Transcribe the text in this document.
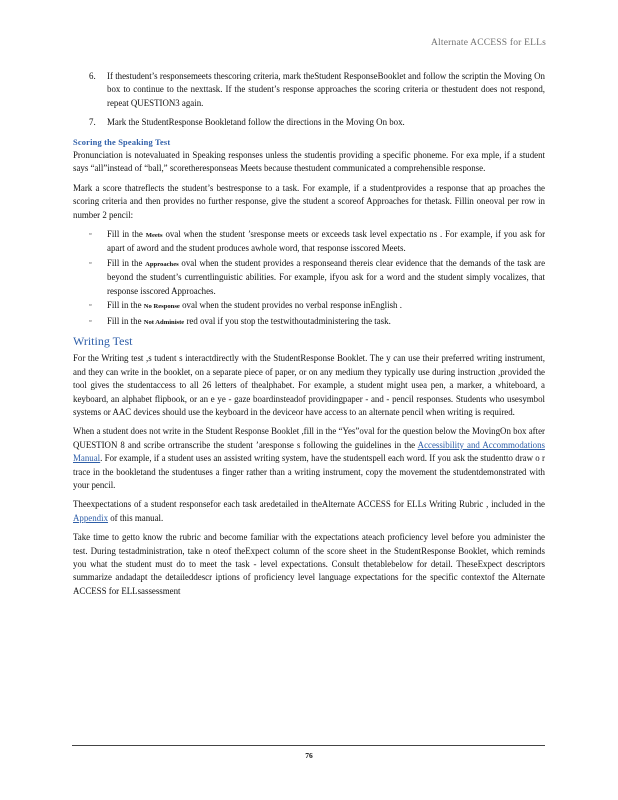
Alternate ACCESS for ELLs
6.	If thestudent’s responsemeets thescoring criteria, mark theStudent ResponseBooklet and follow the scriptin the Moving On box to continue to the nexttask. If the student’s response approaches the scoring criteria or thestudent does not respond, repeat QUESTION3 again.
7.	Mark the StudentResponse Bookletand follow the directions in the Moving On box.
Scoring the Speaking Test

Pronunciation is notevaluated in Speaking responses unless the studentis providing a specific phoneme. For exa mple, if a student says “all”instead of “ball,” scoretheresponseas Meets because thestudent communicated a comprehensible response.

Mark a score thatreflects the student’s bestresponse to a task. For example, if a studentprovides a response that ap proaches the scoring criteria and then provides no further response, give the student a scoreof Approaches for thetask. Fillin oneoval per row in number 2 pencil:

▫	Fill in the Meets oval when the student ’sresponse meets or exceeds task level expectatio ns . For example, if you ask for apart of aword and the student produces awhole word, that response isscored Meets.
▫	Fill in the Approaches oval when the student provides a responseand thereis clear evidence that the demands of the task are beyond the student’s currentlinguistic abilities. For example, ifyou ask for a word and the student simply vocalizes, that response isscored Approaches.
▫	Fill in the No Response oval when the student provides no verbal response inEnglish .
▫	Fill in the Not Administe red oval if you stop the testwithoutadministering the task.
Writing Test

For the Writing test ,s tudent s interactdirectly with the StudentResponse Booklet. The y can use their preferred writing instrument, and they can write in the booklet, on a separate piece of paper, or on any medium they typically use during instruction ,provided the tool gives the studentaccess to all 26 letters of thealphabet. For example, a student might usea pen, a marker, a whiteboard, a keyboard, an alphabet flipbook, or an e ye - gaze boardinsteadof providingpaper - and - pencil responses. Students who usesymbol systems or AAC devices should use the keyboard in the deviceor have access to an alternate pencil when writing is required.

When a student does not write in the Student Response Booklet ,fill in the “Yes”oval for the question below the MovingOn box after QUESTION 8 and scribe ortranscribe the student ’aresponse s following the guidelines in the Accessibility and Accommodations Manual. For example, if a student uses an assisted writing system, have the studentspell each word. If you ask the studentto draw o r trace in the bookletand the studentuses a finger rather than a writing instrument, copy the movement the studentdemonstrated with your pencil.

Theexpectations of a student responsefor each task aredetailed in theAlternate ACCESS for ELLs Writing Rubric , included in the Appendix of this manual.

Take time to getto know the rubric and become familiar with the expectations ateach proficiency level before you administer the test. During testadministration, take n oteof theExpect column of the score sheet in the StudentResponse Booklet, which reminds you what the student must do to meet the task - level expectations. Consult thetablebelow for detail. TheseExpect descriptors summarize andadapt the detaileddescr iptions of proficiency level language expectations for the specific contextof the Alternate ACCESS for ELLsassessment

76
